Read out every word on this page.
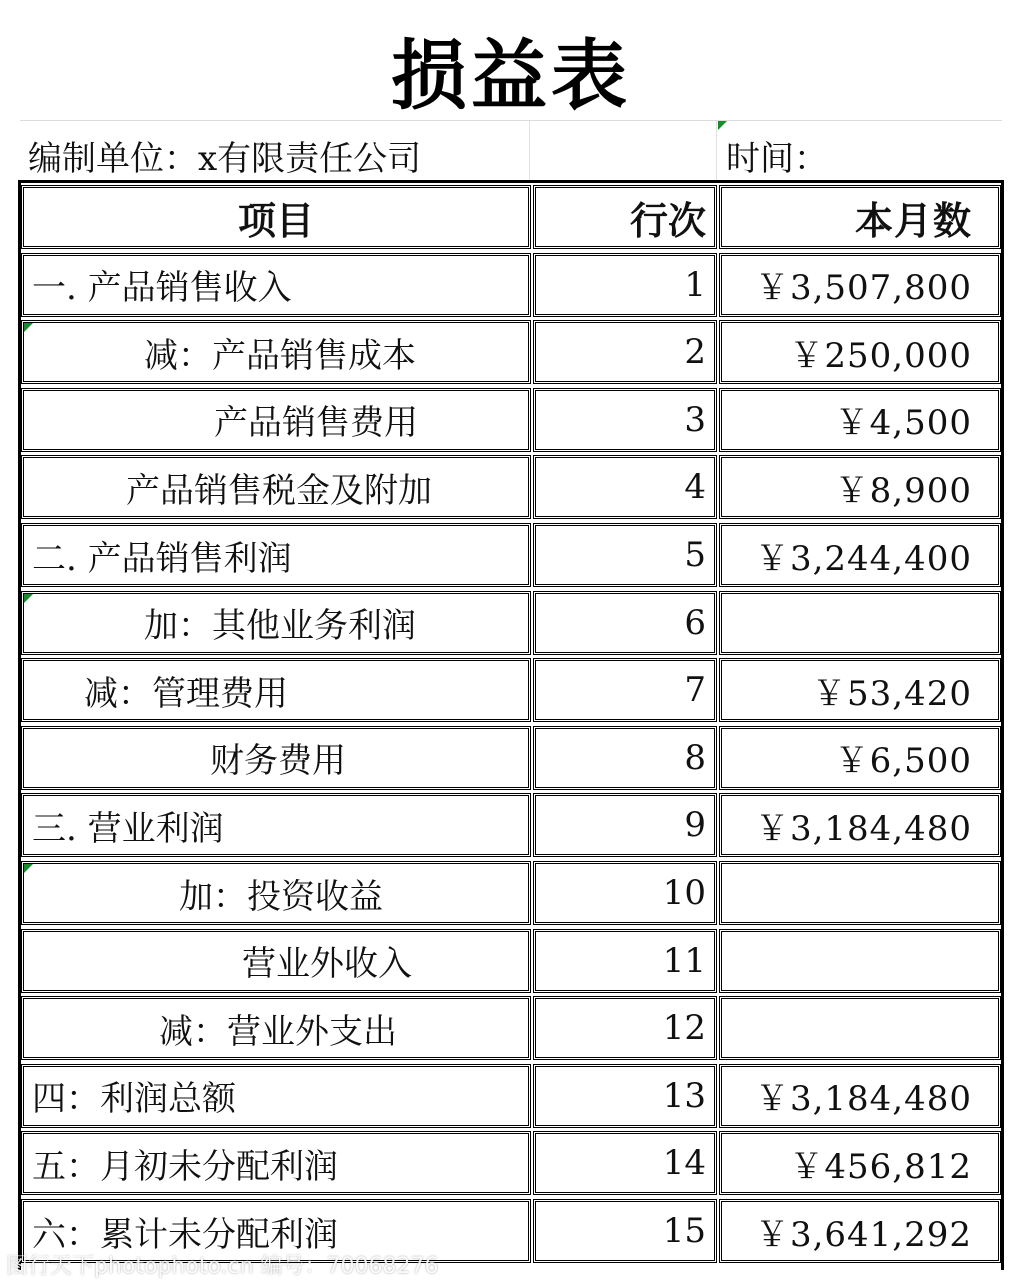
损益表
编制单位：x有限责任公司	时间：
项目	行次	本月数
一. 产品销售收入	1 ￥3,507,800
减：产品销售成本	2 ￥250,000
产品销售费用	3	￥4,500
产品销售税金及附加	4	￥8,900
二. 产品销售利润	5 ￥3,244,400
加：其他业务利润	6
减：管理费用	7	￥53,420
财务费用	8	￥6,500
三. 营业利润	9 ￥3,184,480
加：投资收益	10
营业外收入	11
减：营业外支出	12
四：利润总额	13 ￥3,184,480
五：月初未分配利润	14 ￥456,812
六：累计未分配利润	15 ￥3,641,292
图行天下photophoto.cn 编号：70068276
